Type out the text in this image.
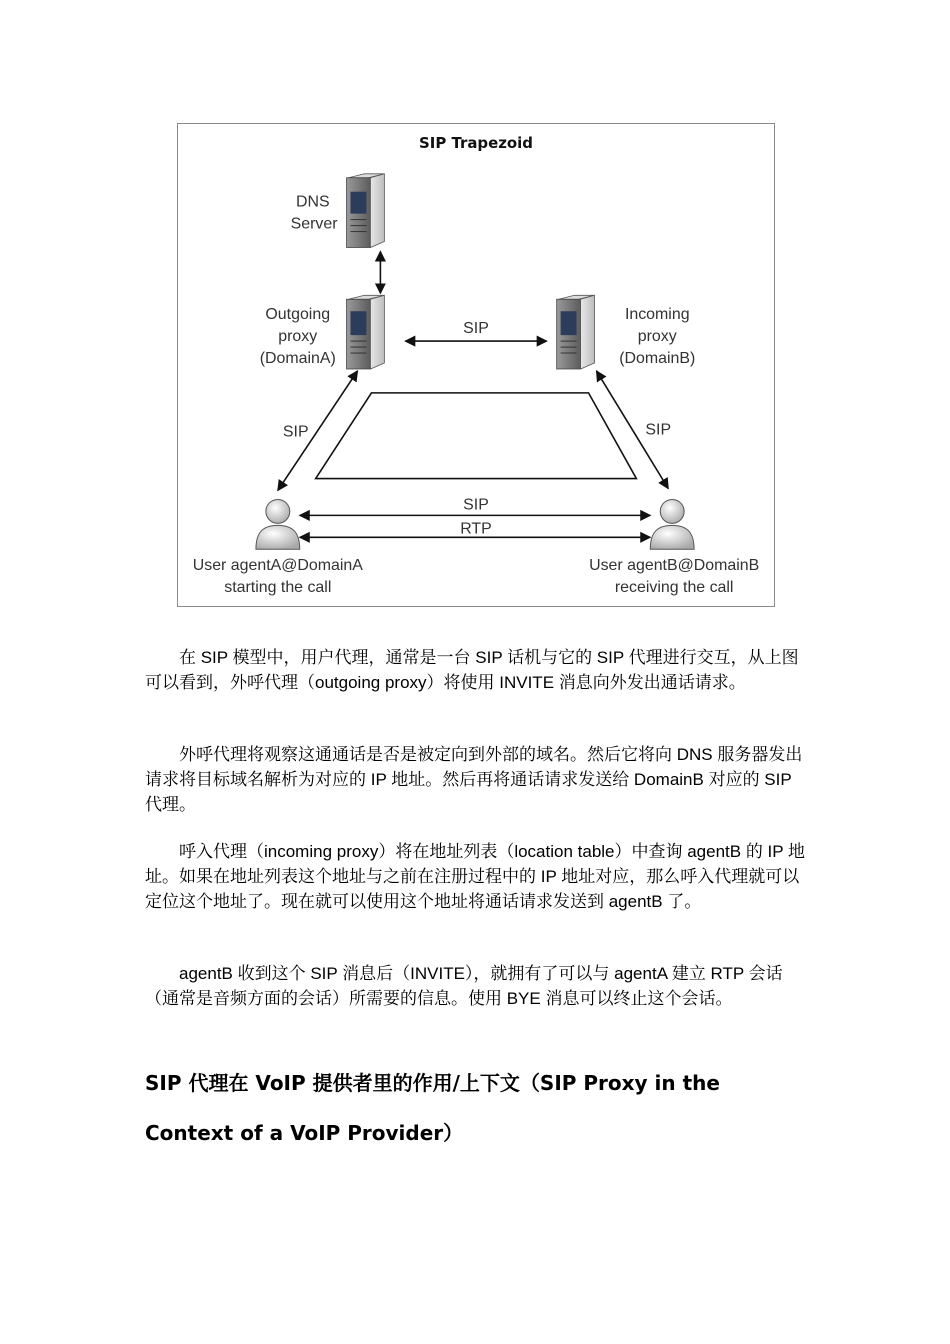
SIP Trapezoid
DNS
Server
Outgoing
proxy
(DomainA)
Incoming
proxy
(DomainB)
SIP
SIP	SIP
SIP
RTP
User agentA@DomainA
starting the call
User agentB@DomainB
receiving the call

在 SIP 模型中，用户代理，通常是一台 SIP 话机与它的 SIP 代理进行交互，从上图可以看到，外呼代理（outgoing proxy）将使用 INVITE 消息向外发出通话请求。

外呼代理将观察这通通话是否是被定向到外部的域名。然后它将向 DNS 服务器发出请求将目标域名解析为对应的 IP 地址。然后再将通话请求发送给 DomainB 对应的 SIP 代理。

呼入代理（incoming proxy）将在地址列表（location table）中查询 agentB 的 IP 地址。如果在地址列表这个地址与之前在注册过程中的 IP 地址对应，那么呼入代理就可以定位这个地址了。现在就可以使用这个地址将通话请求发送到 agentB 了。

agentB 收到这个 SIP 消息后（INVITE），就拥有了可以与 agentA 建立 RTP 会话（通常是音频方面的会话）所需要的信息。使用 BYE 消息可以终止这个会话。

SIP 代理在 VoIP 提供者里的作用/上下文（SIP Proxy in the Context of a VoIP Provider）
